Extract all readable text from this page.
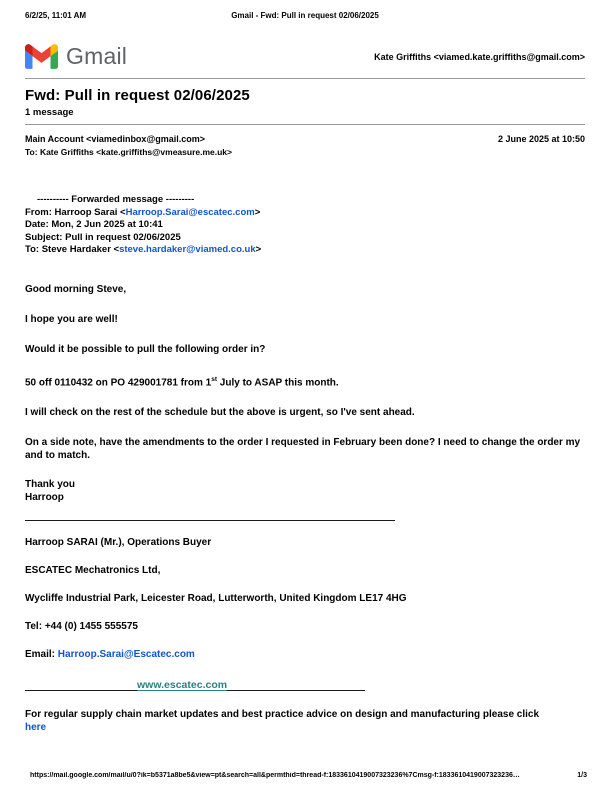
6/2/25, 11:01 AM	Gmail - Fwd: Pull in request 02/06/2025
Gmail	Kate Griffiths <viamed.kate.griffiths@gmail.com>
Fwd: Pull in request 02/06/2025
1 message
Main Account <viamedinbox@gmail.com>	2 June 2025 at 10:50
To: Kate Griffiths <kate.griffiths@vmeasure.me.uk>
---------- Forwarded message ---------
From: Harroop Sarai <Harroop.Sarai@escatec.com>
Date: Mon, 2 Jun 2025 at 10:41
Subject: Pull in request 02/06/2025
To: Steve Hardaker <steve.hardaker@viamed.co.uk>

Good morning Steve,

I hope you are well!

Would it be possible to pull the following order in?

50 off 0110432 on PO 429001781 from 1st July to ASAP this month.

I will check on the rest of the schedule but the above is urgent, so I've sent ahead.

On a side note, have the amendments to the order I requested in February been done? I need to change the order my and to match.

Thank you
Harroop

Harroop SARAI (Mr.), Operations Buyer

ESCATEC Mechatronics Ltd,

Wycliffe Industrial Park, Leicester Road, Lutterworth, United Kingdom LE17 4HG

Tel: +44 (0) 1455 555575

Email: Harroop.Sarai@Escatec.com

www.escatec.com

For regular supply chain market updates and best practice advice on design and manufacturing please click
here

https://mail.google.com/mail/u/0?ik=b5371a8be5&view=pt&search=all&permthid=thread-f:1833610419007323236%7Cmsg-f:1833610419007323236…	1/3
